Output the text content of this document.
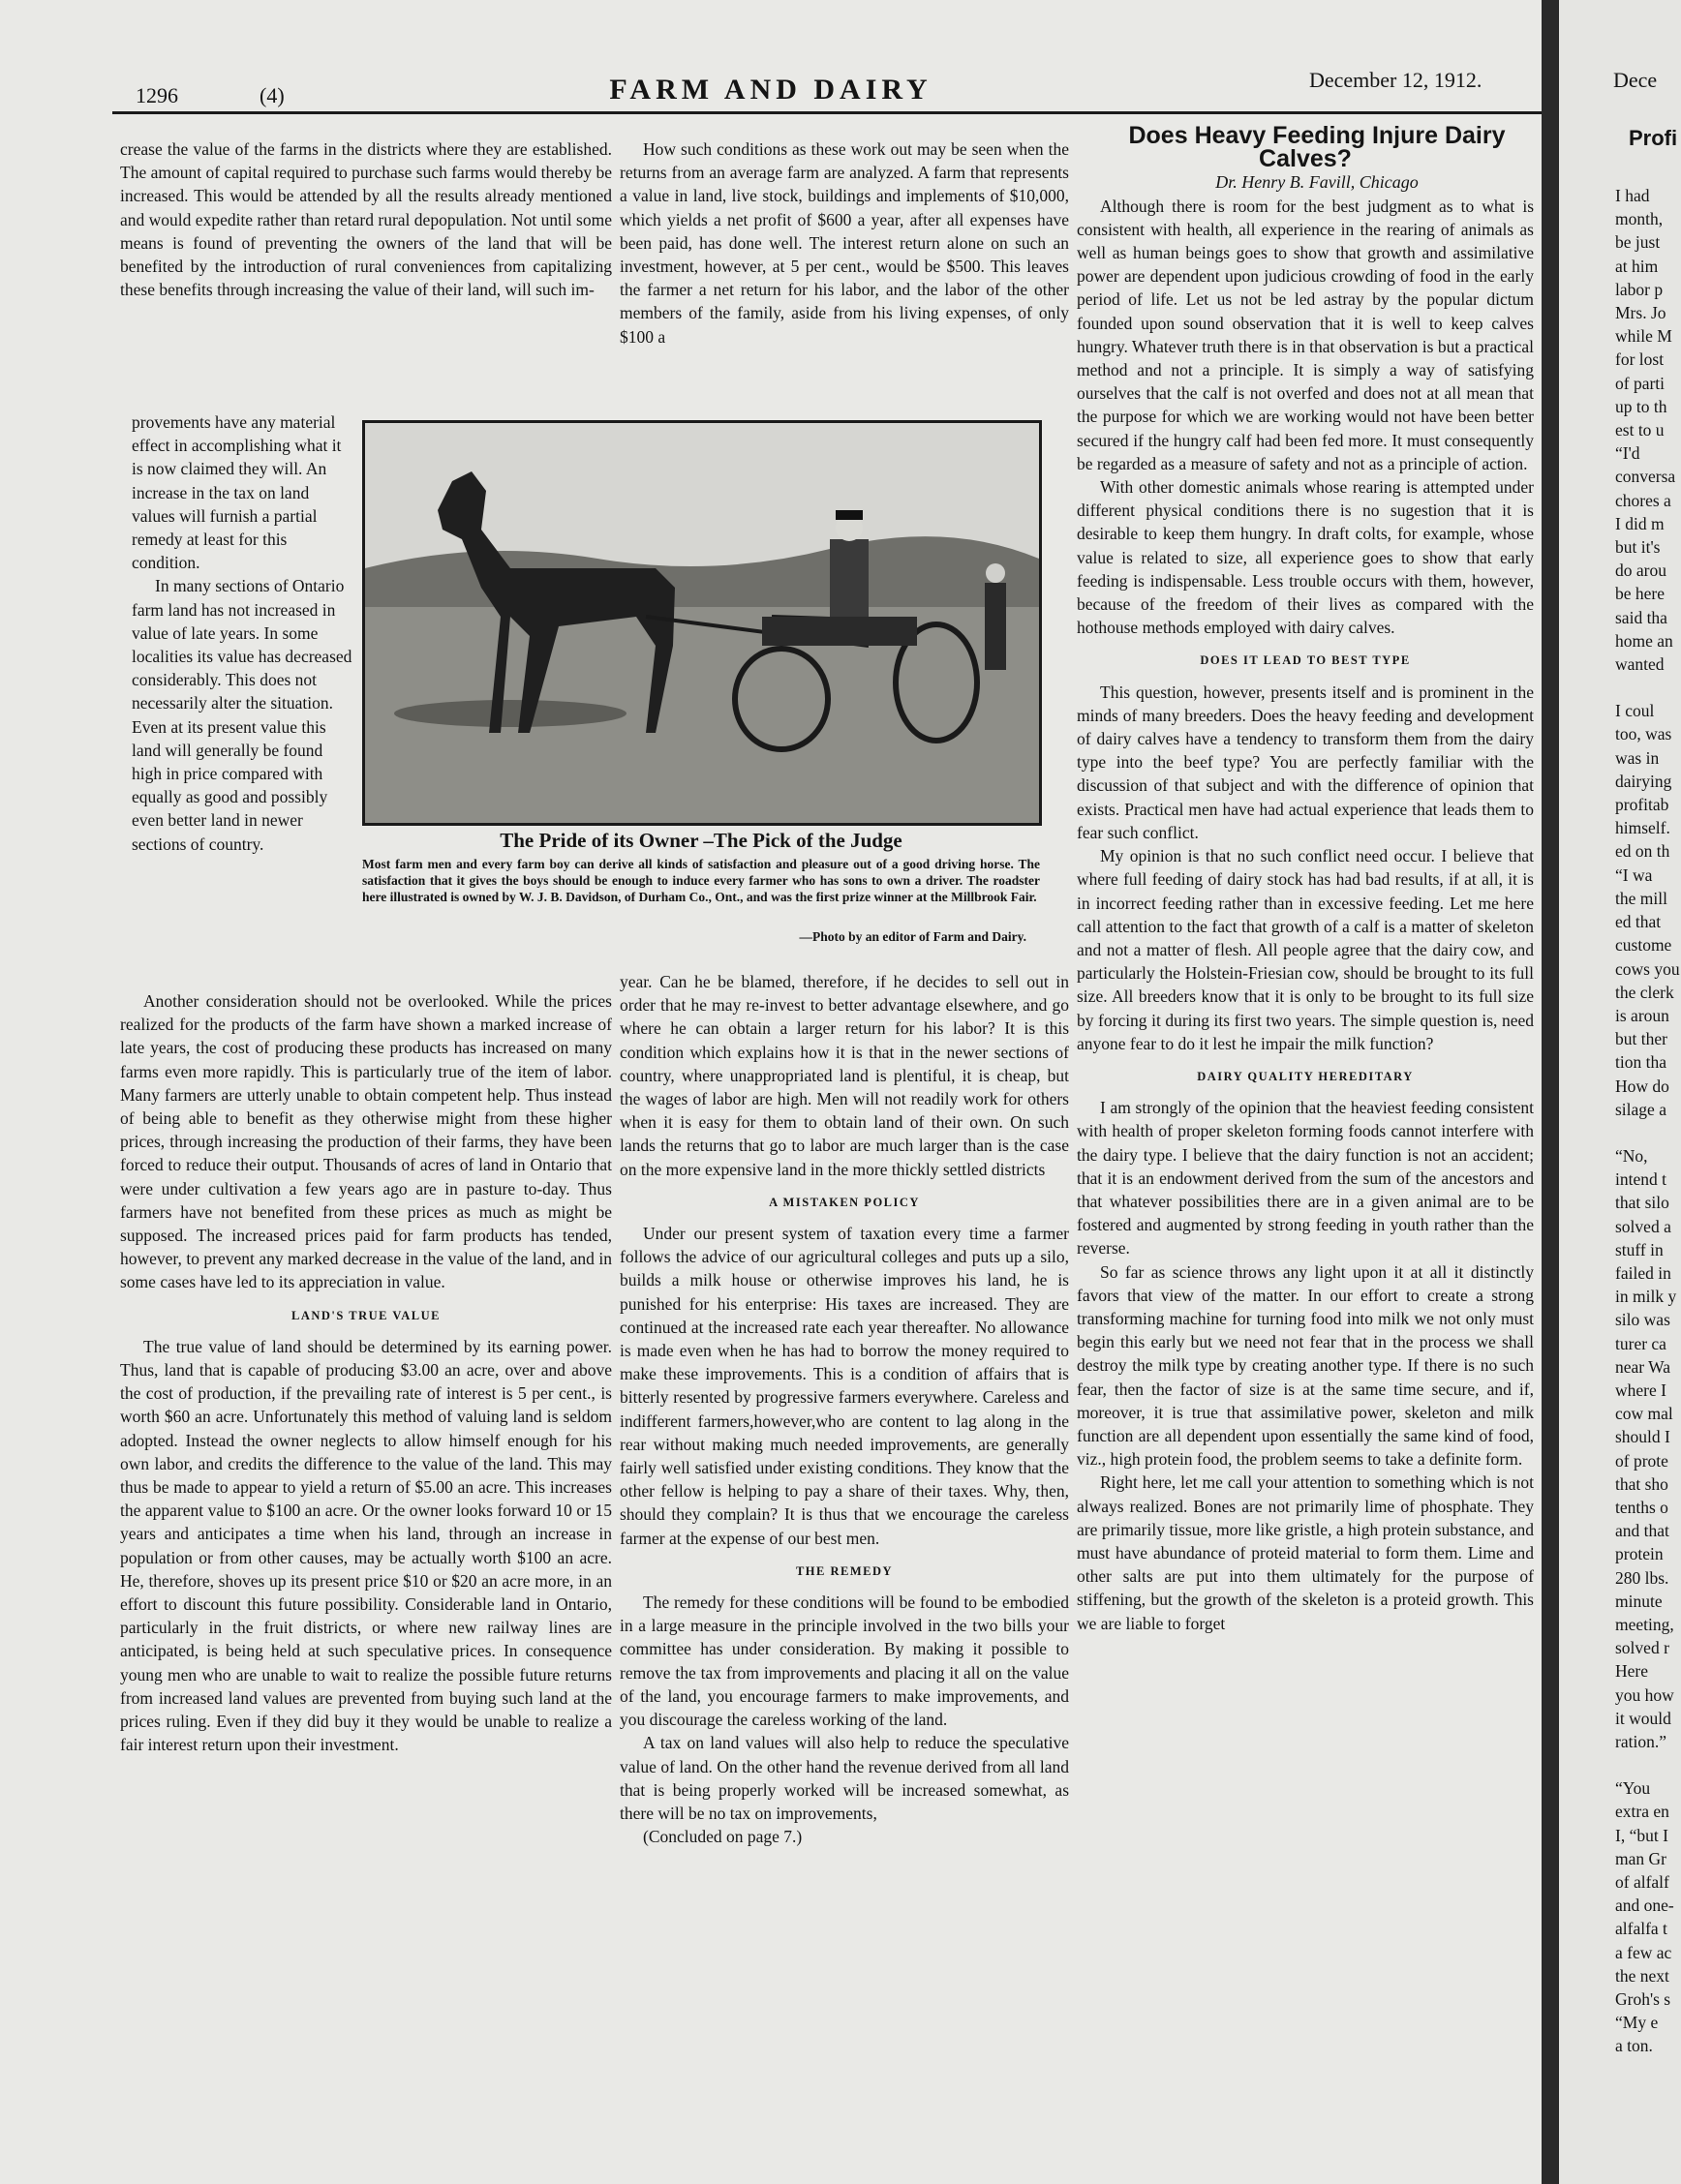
1296	(4)	FARM AND DAIRY	December 12, 1912.

crease the value of the farms in the districts where they are established. The amount of capital required to purchase such farms would thereby be increased. This would be attended by all the results already mentioned and would expedite rather than retard rural depopulation. Not until some means is found of preventing the owners of the land that will be benefited by the introduction of rural conveniences from capitalizing these benefits through increasing the value of their land, will such im-

provements have any material effect in accomplishing what it is now claimed they will. An increase in the tax on land values will furnish a partial remedy at least for this condition.

In many sections of Ontario farm land has not increased in value of late years. In some localities its value has decreased considerably. This does not necessarily alter the situation. Even at its present value this land will generally be found high in price compared with equally as good and possibly even better land in newer sections of country.

How such conditions as these work out may be seen when the returns from an average farm are analyzed. A farm that represents a value in land, live stock, buildings and implements of $10,000, which yields a net profit of $600 a year, after all expenses have been paid, has done well. The interest return alone on such an investment, however, at 5 per cent., would be $500. This leaves the farmer a net return for his labor, and the labor of the other members of the family, aside from his living expenses, of only $100 a

The Pride of its Owner –The Pick of the Judge
Most farm men and every farm boy can derive all kinds of satisfaction and pleasure out of a good driving horse. The satisfaction that it gives the boys should be enough to induce every farmer who has sons to own a driver. The roadster here illustrated is owned by W. J. B. Davidson, of Durham Co., Ont., and was the first prize winner at the Millbrook Fair.
—Photo by an editor of Farm and Dairy.

Another consideration should not be overlooked. While the prices realized for the products of the farm have shown a marked increase of late years, the cost of producing these products has increased on many farms even more rapidly. This is particularly true of the item of labor. Many farmers are utterly unable to obtain competent help. Thus instead of being able to benefit as they otherwise might from these higher prices, through increasing the production of their farms, they have been forced to reduce their output. Thousands of acres of land in Ontario that were under cultivation a few years ago are in pasture to-day. Thus farmers have not benefited from these prices as much as might be supposed. The increased prices paid for farm products has tended, however, to prevent any marked decrease in the value of the land, and in some cases have led to its appreciation in value.

LAND'S TRUE VALUE

The true value of land should be determined by its earning power. Thus, land that is capable of producing $3.00 an acre, over and above the cost of production, if the prevailing rate of interest is 5 per cent., is worth $60 an acre. Unfortunately this method of valuing land is seldom adopted. Instead the owner neglects to allow himself enough for his own labor, and credits the difference to the value of the land. This may thus be made to appear to yield a return of $5.00 an acre. This increases the apparent value to $100 an acre. Or the owner looks forward 10 or 15 years and anticipates a time when his land, through an increase in population or from other causes, may be actually worth $100 an acre. He, therefore, shoves up its present price $10 or $20 an acre more, in an effort to discount this future possibility. Considerable land in Ontario, particularly in the fruit districts, or where new railway lines are anticipated, is being held at such speculative prices. In consequence young men who are unable to wait to realize the possible future returns from increased land values are prevented from buying such land at the prices ruling. Even if they did buy it they would be unable to realize a fair interest return upon their investment.

year. Can he be blamed, therefore, if he decides to sell out in order that he may re-invest to better advantage elsewhere, and go where he can obtain a larger return for his labor? It is this condition which explains how it is that in the newer sections of country, where unappropriated land is plentiful, it is cheap, but the wages of labor are high. Men will not readily work for others when it is easy for them to obtain land of their own. On such lands the returns that go to labor are much larger than is the case on the more expensive land in the more thickly settled districts

A MISTAKEN POLICY

Under our present system of taxation every time a farmer follows the advice of our agricultural colleges and puts up a silo, builds a milk house or otherwise improves his land, he is punished for his enterprise: His taxes are increased. They are continued at the increased rate each year thereafter. No allowance is made even when he has had to borrow the money required to make these improvements. This is a condition of affairs that is bitterly resented by progressive farmers everywhere. Careless and indifferent farmers,however,who are content to lag along in the rear without making much needed improvements, are generally fairly well satisfied under existing conditions. They know that the other fellow is helping to pay a share of their taxes. Why, then, should they complain? It is thus that we encourage the careless farmer at the expense of our best men.

THE REMEDY

The remedy for these conditions will be found to be embodied in a large measure in the principle involved in the two bills your committee has under consideration. By making it possible to remove the tax from improvements and placing it all on the value of the land, you encourage farmers to make improvements, and you discourage the careless working of the land.

A tax on land values will also help to reduce the speculative value of land. On the other hand the revenue derived from all land that is being properly worked will be increased somewhat, as there will be no tax on improvements,

(Concluded on page 7.)

Does Heavy Feeding Injure Dairy Calves?

Dr. Henry B. Favill, Chicago

Although there is room for the best judgment as to what is consistent with health, all experience in the rearing of animals as well as human beings goes to show that growth and assimilative power are dependent upon judicious crowding of food in the early period of life. Let us not be led astray by the popular dictum founded upon sound observation that it is well to keep calves hungry. Whatever truth there is in that observation is but a practical method and not a principle. It is simply a way of satisfying ourselves that the calf is not overfed and does not at all mean that the purpose for which we are working would not have been better secured if the hungry calf had been fed more. It must consequently be regarded as a measure of safety and not as a principle of action.

With other domestic animals whose rearing is attempted under different physical conditions there is no sugestion that it is desirable to keep them hungry. In draft colts, for example, whose value is related to size, all experience goes to show that early feeding is indispensable. Less trouble occurs with them, however, because of the freedom of their lives as compared with the hothouse methods employed with dairy calves.

DOES IT LEAD TO BEST TYPE

This question, however, presents itself and is prominent in the minds of many breeders. Does the heavy feeding and development of dairy calves have a tendency to transform them from the dairy type into the beef type? You are perfectly familiar with the discussion of that subject and with the difference of opinion that exists. Practical men have had actual experience that leads them to fear such conflict.

My opinion is that no such conflict need occur. I believe that where full feeding of dairy stock has had bad results, if at all, it is in incorrect feeding rather than in excessive feeding. Let me here call attention to the fact that growth of a calf is a matter of skeleton and not a matter of flesh. All people agree that the dairy cow, and particularly the Holstein-Friesian cow, should be brought to its full size. All breeders know that it is only to be brought to its full size by forcing it during its first two years. The simple question is, need anyone fear to do it lest he impair the milk function?

DAIRY QUALITY HEREDITARY

I am strongly of the opinion that the heaviest feeding consistent with health of proper skeleton forming foods cannot interfere with the dairy type. I believe that the dairy function is not an accident; that it is an endowment derived from the sum of the ancestors and that whatever possibilities there are in a given animal are to be fostered and augmented by strong feeding in youth rather than the reverse.

So far as science throws any light upon it at all it distinctly favors that view of the matter. In our effort to create a strong transforming machine for turning food into milk we not only must begin this early but we need not fear that in the process we shall destroy the milk type by creating another type. If there is no such fear, then the factor of size is at the same time secure, and if, moreover, it is true that assimilative power, skeleton and milk function are all dependent upon essentially the same kind of food, viz., high protein food, the problem seems to take a definite form.

Right here, let me call your attention to something which is not always realized. Bones are not primarily lime of phosphate. They are primarily tissue, more like gristle, a high protein substance, and must have abundance of proteid material to form them. Lime and other salts are put into them ultimately for the purpose of stiffening, but the growth of the skeleton is a proteid growth. This we are liable to forget

Dece
Profi
I had
month,
be just
at him
labor p
Mrs. Jo
while M
for lost
of parti
up to th
est to u
“I'd
conversa
chores a
I did m
but it's
do arou
be here
said tha
home an
wanted
I coul
too, was
was in
dairying
profitab
himself.
ed on th
“I wa
the mill
ed that
custome
cows you
the clerk
is aroun
but ther
tion tha
How do
silage a
“No,
intend t
that silo
solved a
stuff in
failed in
in milk y
silo was
turer ca
near Wa
where I
cow mal
should I
of prote
that sho
tenths o
and that
protein
280 lbs.
minute
meeting,
solved r
Here
you how
it would
ration.”
“You
extra en
I, “but I
man Gr
of alfalf
and one-
alfalfa t
a few ac
the next
Groh's s
“My e
a ton.
